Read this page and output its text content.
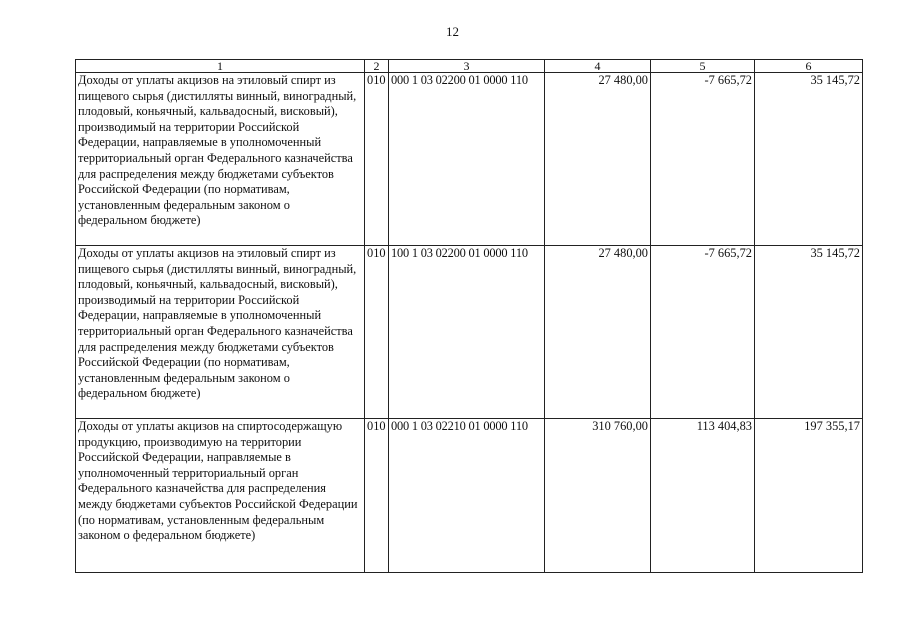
12
1	2	3	4	5	6
Доходы от уплаты акцизов на этиловый спирт из пищевого сырья (дистилляты винный, виноградный, плодовый, коньячный, кальвадосный, висковый), производимый на территории Российской Федерации, направляемые в уполномоченный территориальный орган Федерального казначейства для распределения между бюджетами субъектов Российской Федерации (по нормативам, установленным федеральным законом о федеральном бюджете)	010	000 1 03 02200 01 0000 110	27 480,00	-7 665,72	35 145,72
Доходы от уплаты акцизов на этиловый спирт из пищевого сырья (дистилляты винный, виноградный, плодовый, коньячный, кальвадосный, висковый), производимый на территории Российской Федерации, направляемые в уполномоченный территориальный орган Федерального казначейства для распределения между бюджетами субъектов Российской Федерации (по нормативам, установленным федеральным законом о федеральном бюджете)	010	100 1 03 02200 01 0000 110	27 480,00	-7 665,72	35 145,72
Доходы от уплаты акцизов на спиртосодержащую продукцию, производимую на территории Российской Федерации, направляемые в уполномоченный территориальный орган Федерального казначейства для распределения между бюджетами субъектов Российской Федерации (по нормативам, установленным федеральным законом о федеральном бюджете)	010	000 1 03 02210 01 0000 110	310 760,00	113 404,83	197 355,17
